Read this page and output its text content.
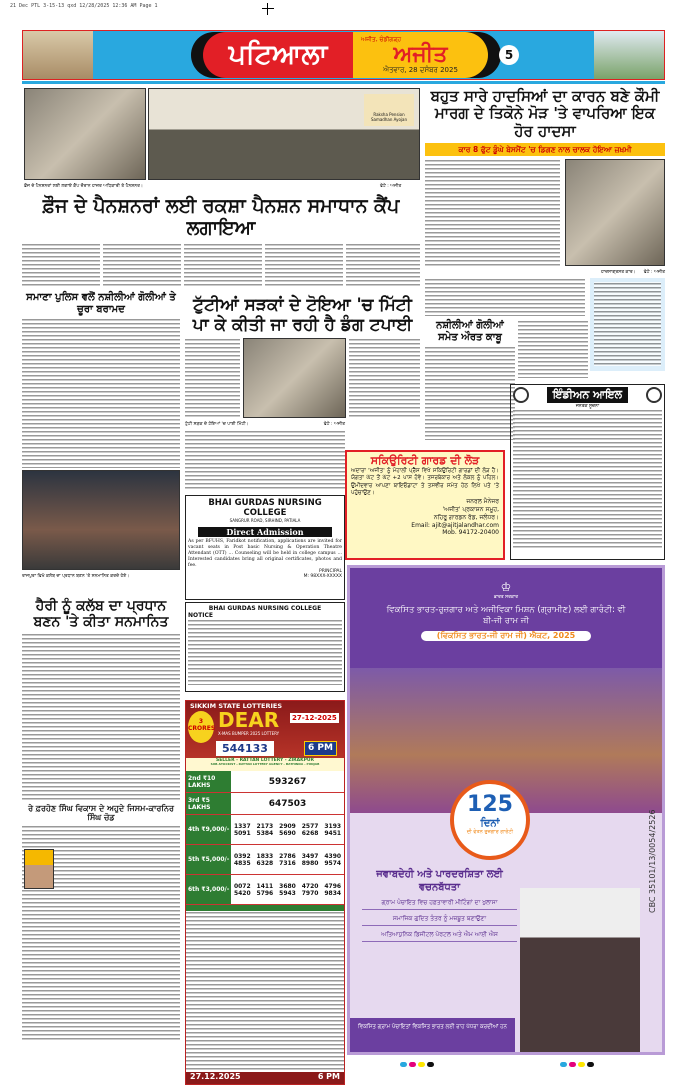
21 Dec PTL 3-15-13 qxd 12/28/2025 12:36 AM Page 1
ਪਟਿਆਲਾ	ਅਜੀਤ, ਚੰਡੀਗੜ੍ਹ
ਅਜੀਤ
ਐਤਵਾਰ, 28 ਦਸੰਬਰ 2025
5
Raksha Pension Samadhan Ayojan
ਫ਼ੌਜ ਦੇ ਪੈਨਸ਼ਨਰਾਂ ਲਈ ਲਗਾਏ ਕੈਂਪ ਦੌਰਾਨ ਹਾਜ਼ਰ ਅਧਿਕਾਰੀ ਤੇ ਪੈਨਸ਼ਨਰ।	ਫੋਟੋ : ਅਜੀਤ
ਬਹੁਤ ਸਾਰੇ ਹਾਦਸਿਆਂ ਦਾ ਕਾਰਨ ਬਣੇ ਕੌਮੀ ਮਾਰਗ ਦੇ ਤਿਕੋਨੇ ਮੋੜ 'ਤੇ ਵਾਪਰਿਆ ਇਕ ਹੋਰ ਹਾਦਸਾ
ਕਾਰ 8 ਫੁੱਟ ਡੂੰਘੇ ਬੇਸਮੈਂਟ 'ਚ ਡਿਗਣ ਨਾਲ ਚਾਲਕ ਹੋਇਆ ਜ਼ਖ਼ਮੀ
ਹਾਦਸਾਗ੍ਰਸਤ ਕਾਰ। ਫੋਟੋ : ਅਜੀਤ
ਫ਼ੌਜ ਦੇ ਪੈਨਸ਼ਨਰਾਂ ਲਈ ਰਕਸ਼ਾ ਪੈਨਸ਼ਨ ਸਮਾਧਾਨ ਕੈਂਪ ਲਗਾਇਆ
ਸਮਾਣਾ ਪੁਲਿਸ ਵਲੋਂ ਨਸ਼ੀਲੀਆਂ ਗੋਲੀਆਂ ਤੇ ਚੂਰਾ ਬਰਾਮਦ
ਰਾਜਪੁਰਾ ਵਿਖੇ ਕਲੱਬ ਦਾ ਪ੍ਰਧਾਨ ਬਣਨ 'ਤੇ ਸਨਮਾਨਿਤ ਕਰਦੇ ਹੋਏ।
ਹੈਰੀ ਨੂੰ ਕਲੱਬ ਦਾ ਪ੍ਰਧਾਨ ਬਣਨ 'ਤੇ ਕੀਤਾ ਸਨਮਾਨਿਤ
ਰੇ ਫ਼ਰਹੋਣ ਸਿੰਘ ਵਿਕਾਸ ਦੇ ਅਹੁਦੇ ਜਿਸਮ-ਕਾਰਨਿਰ ਸਿੰਘ ਚੋਡ
ਟੁੱਟੀਆਂ ਸੜਕਾਂ ਦੇ ਟੋਇਆ 'ਚ ਮਿੱਟੀ ਪਾ ਕੇ ਕੀਤੀ ਜਾ ਰਹੀ ਹੈ ਡੰਗ ਟਪਾਈ
ਟੁੱਟੀ ਸੜਕ ਦੇ ਟੋਇਆਂ 'ਚ ਪਾਈ ਮਿੱਟੀ।	ਫੋਟੋ : ਅਜੀਤ
ਨਸ਼ੀਲੀਆਂ ਗੋਲੀਆਂ ਸਮੇਤ ਔਰਤ ਕਾਬੂ
BHAI GURDAS NURSING COLLEGE
SANGRUR ROAD, SIRHIND, PATIALA
Direct Admission
As per BFUHS, Faridkot notification, applications are invited for vacant seats in Post basic Nursing & Operation Theatre Attendant (OTT) ... Counseling will be held in college campus ... Interested candidates bring all original certificates, photos and fee.
PRINCIPAL
M: 98XXX-XXXXX
BHAI GURDAS NURSING COLLEGE
NOTICE
SIKKIM STATE LOTTERIES
3 CRORES DEAR
X-MAS BUMPER 2025 LOTTERY
27-12-2025
544133	6 PM
SELLER - RATTAN LOTTERY - ZIRAKPUR
SUB-STOCKIST - RATTAN LOTTERY AGENCY - BATHINDA - PUNJAB
2nd ₹10 LAKHS	593267
3rd ₹5 LAKHS	647503
4th ₹9,000/- 1337 2173 2909 2577 3193
5091 5384 5690 6268 9451
5th ₹5,000/- 0392 1833 2786 3497 4390
4835 6328 7316 8980 9574
6th ₹3,000/- 0072 1411 3680 4720 4796
5420 5796 5943 7970 9834
27.12.2025	6 PM
ਸਕਿਉਰਿਟੀ ਗਾਰਡ ਦੀ ਲੋੜ
ਅਦਾਰਾ 'ਅਜੀਤ' ਨੂੰ ਮੋਹਾਲੀ ਪ੍ਰੈੱਸ ਵਿਖੇ ਸਕਿਉਰਿਟੀ ਗਾਰਡਾਂ ਦੀ ਲੋੜ ਹੈ। ਯੋਗਤਾ ਘੱਟ ਤੋਂ ਘੱਟ +2 ਪਾਸ ਹੋਵੇ। ਤਜਰਬੇਕਾਰ ਅਤੇ ਲੋਕਲ ਨੂੰ ਪਹਿਲ। ਉਮੀਦਵਾਰ ਆਪਣਾ ਬਾਇਓਡਾਟਾ ਤੇ ਤਸਵੀਰ ਸਮੇਤ ਹੇਠ ਲਿਖੇ ਪਤੇ 'ਤੇ ਪਹੁੰਚਾਉਣ।
ਜਨਰਲ ਮੈਨੇਜਰ
'ਅਜੀਤ' ਪ੍ਰਕਾਸ਼ਨ ਸਮੂਹ,
ਨਹਿਰੂ ਗਾਰਡਨ ਰੋਡ, ਜਲੰਧਰ।
Email: ajit@ajitjalandhar.com
Mob. 94172-20400
ਇੰਡੀਅਨ ਆਇਲ
ਜਨਤਕ ਸੂਚਨਾ
♔
ਭਾਰਤ ਸਰਕਾਰ
ਵਿਕਸਿਤ ਭਾਰਤ-ਰੁਜ਼ਗਾਰ ਅਤੇ ਅਜੀਵਿਕਾ ਮਿਸ਼ਨ (ਗ੍ਰਾਮੀਣ) ਲਈ ਗਾਰੰਟੀ: ਵੀ ਬੀ-ਜੀ ਰਾਮ ਜੀ
(ਵਿਕਸਿਤ ਭਾਰਤ-ਜੀ ਰਾਮ ਜੀ) ਐਕਟ, 2025
125
ਦਿਨਾਂ
ਦੀ ਵੇਤਨ ਰੁਜ਼ਗਾਰ ਗਾਰੰਟੀ
ਜਵਾਬਦੇਹੀ ਅਤੇ ਪਾਰਦਰਸ਼ਿਤਾ ਲਈ ਵਚਨਬੱਧਤਾ
ਗ੍ਰਾਮ ਪੰਚਾਇਤ ਵਿਚ ਹਫ਼ਤਾਵਾਰੀ ਮੀਟਿੰਗਾਂ ਦਾ ਖੁਲਾਸਾ
ਸਮਾਜਿਕ ਗੁਦਿਤ ਤੰਤਰ ਨੂੰ ਮਜ਼ਬੂਤ ਬਣਾਉਣਾ
ਅਤਿਆਧੁਨਿਕ ਡਿਜੀਟਲ ਪੋਰਟਲ ਅਤੇ ਐਮ ਆਈ ਐਸ
ਵਿਕਸਿਤ ਗ੍ਰਾਮ ਪੰਚਾਇਤਾਂ ਵਿਕਸਿਤ ਭਾਰਤ ਲਈ ਰਾਹ ਪੱਧਰਾ ਕਰਦੀਆਂ ਹਨ
CBC 35101/13/0054/2526
